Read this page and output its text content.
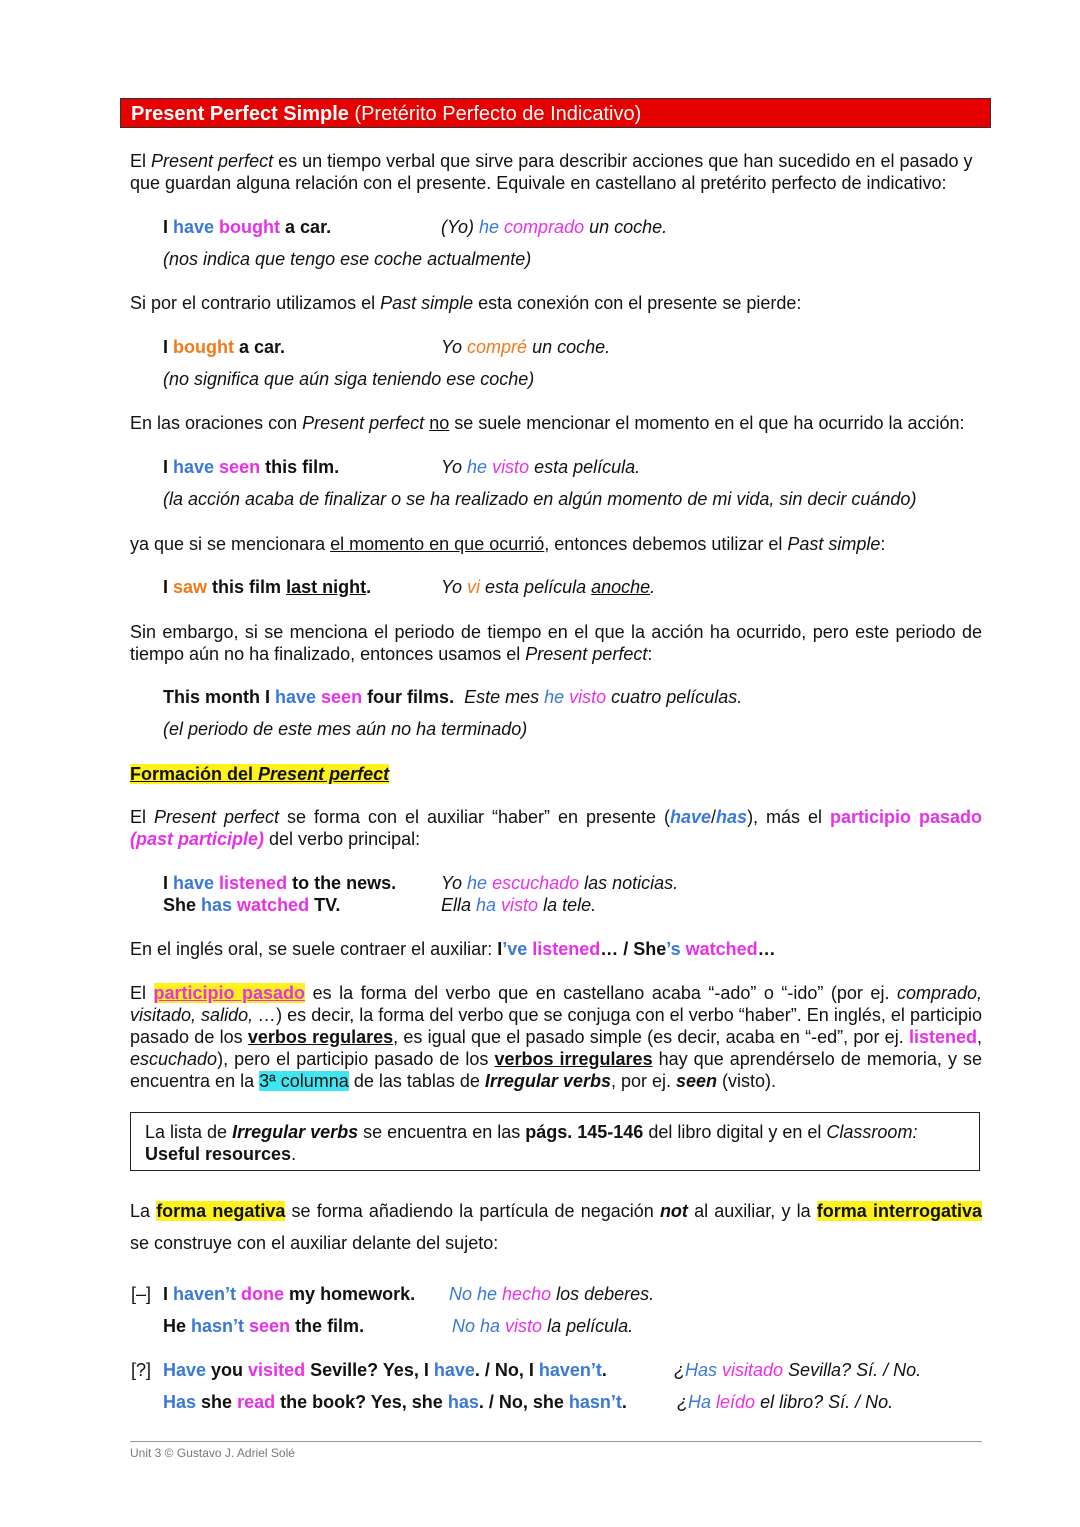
Present Perfect Simple (Pretérito Perfecto de Indicativo)
El Present perfect es un tiempo verbal que sirve para describir acciones que han sucedido en el pasado y que guardan alguna relación con el presente. Equivale en castellano al pretérito perfecto de indicativo:
I have bought a car.	(Yo) he comprado un coche.
(nos indica que tengo ese coche actualmente)
Si por el contrario utilizamos el Past simple esta conexión con el presente se pierde:
I bought a car.	Yo compré un coche.
(no significa que aún siga teniendo ese coche)
En las oraciones con Present perfect no se suele mencionar el momento en el que ha ocurrido la acción:
I have seen this film.	Yo he visto esta película.
(la acción acaba de finalizar o se ha realizado en algún momento de mi vida, sin decir cuándo)
ya que si se mencionara el momento en que ocurrió, entonces debemos utilizar el Past simple:
I saw this film last night.	Yo vi esta película anoche.
Sin embargo, si se menciona el periodo de tiempo en el que la acción ha ocurrido, pero este periodo de tiempo aún no ha finalizado, entonces usamos el Present perfect:
This month I have seen four films. Este mes he visto cuatro películas.
(el periodo de este mes aún no ha terminado)
Formación del Present perfect
El Present perfect se forma con el auxiliar “haber” en presente (have/has), más el participio pasado (past participle) del verbo principal:
I have listened to the news. Yo he escuchado las noticias.
She has watched TV.	Ella ha visto la tele.
En el inglés oral, se suele contraer el auxiliar: I’ve listened… / She’s watched…
El participio pasado es la forma del verbo que en castellano acaba “-ado” o “-ido” (por ej. comprado, visitado, salido, …) es decir, la forma del verbo que se conjuga con el verbo “haber”. En inglés, el participio pasado de los verbos regulares, es igual que el pasado simple (es decir, acaba en “-ed”, por ej. listened, escuchado), pero el participio pasado de los verbos irregulares hay que aprendérselo de memoria, y se encuentra en la 3ª columna de las tablas de Irregular verbs, por ej. seen (visto).
La lista de Irregular verbs se encuentra en las págs. 145-146 del libro digital y en el Classroom:
Useful resources.
La forma negativa se forma añadiendo la partícula de negación not al auxiliar, y la forma interrogativa se construye con el auxiliar delante del sujeto:
[–] I haven’t done my homework. No he hecho los deberes.
He hasn’t seen the film.	No ha visto la película.
[?] Have you visited Seville? Yes, I have. / No, I haven’t.	¿Has visitado Sevilla? Sí. / No.
Has she read the book? Yes, she has. / No, she hasn’t.	¿Ha leído el libro? Sí. / No.
Unit 3 © Gustavo J. Adriel Solé
